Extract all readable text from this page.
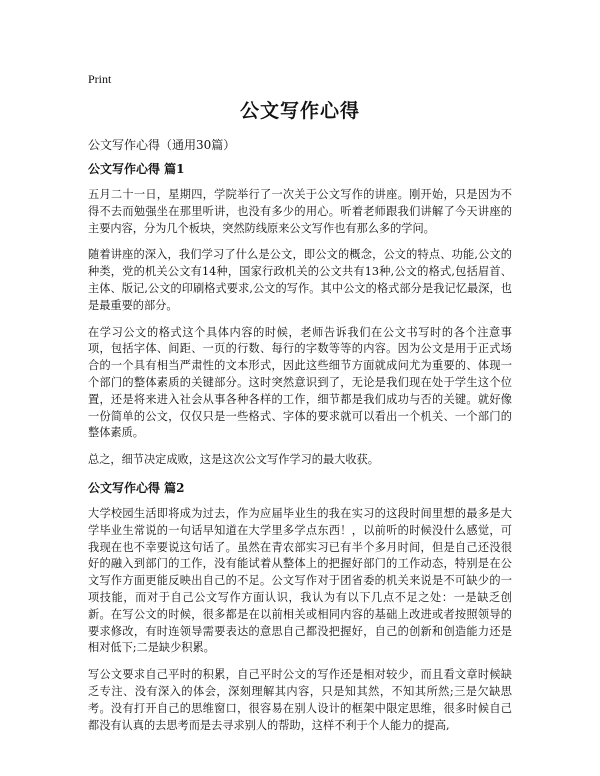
Print
公文写作心得
公文写作心得（通用30篇）
公文写作心得 篇1

五月二十一日，星期四，学院举行了一次关于公文写作的讲座。刚开始，只是因为不得不去而勉强坐在那里听讲，也没有多少的用心。听着老师跟我们讲解了今天讲座的主要内容，分为几个板块，突然防线原来公文写作也有那么多的学问。

随着讲座的深入，我们学习了什么是公文，即公文的概念，公文的特点、功能,公文的种类，党的机关公文有14种，国家行政机关的公文共有13种,公文的格式,包括眉首、主体、版记,公文的印刷格式要求,公文的写作。其中公文的格式部分是我记忆最深，也是最重要的部分。

在学习公文的格式这个具体内容的时候，老师告诉我们在公文书写时的各个注意事项，包括字体、间距、一页的行数、每行的字数等等的内容。因为公文是用于正式场合的一个具有相当严肃性的文本形式，因此这些细节方面就成问尤为重要的、体现一个部门的整体素质的关键部分。这时突然意识到了，无论是我们现在处于学生这个位置，还是将来进入社会从事各种各样的工作，细节都是我们成功与否的关键。就好像一份简单的公文，仅仅只是一些格式、字体的要求就可以看出一个机关、一个部门的整体素质。

总之，细节决定成败，这是这次公文写作学习的最大收获。

公文写作心得 篇2

大学校园生活即将成为过去，作为应届毕业生的我在实习的这段时间里想的最多是大学毕业生常说的一句话早知道在大学里多学点东西！，以前听的时候没什么感觉，可我现在也不幸要说这句话了。虽然在青农部实习已有半个多月时间，但是自己还没很好的融入到部门的工作，没有能试着从整体上的把握好部门的工作动态，特别是在公文写作方面更能反映出自己的不足。公文写作对于团省委的机关来说是不可缺少的一项技能，而对于自己公文写作方面认识，我认为有以下几点不足之处：一是缺乏创新。在写公文的时候，很多都是在以前相关或相同内容的基础上改进或者按照领导的要求修改，有时连领导需要表达的意思自己都没把握好，自己的创新和创造能力还是相对低下;二是缺少积累。

写公文要求自己平时的积累，自己平时公文的写作还是相对较少，而且看文章时候缺乏专注、没有深入的体会，深刻理解其内容，只是知其然，不知其所然;三是欠缺思考。没有打开自己的思维窗口，很容易在别人设计的框架中限定思维，很多时候自己都没有认真的去思考而是去寻求别人的帮助，这样不利于个人能力的提高,
